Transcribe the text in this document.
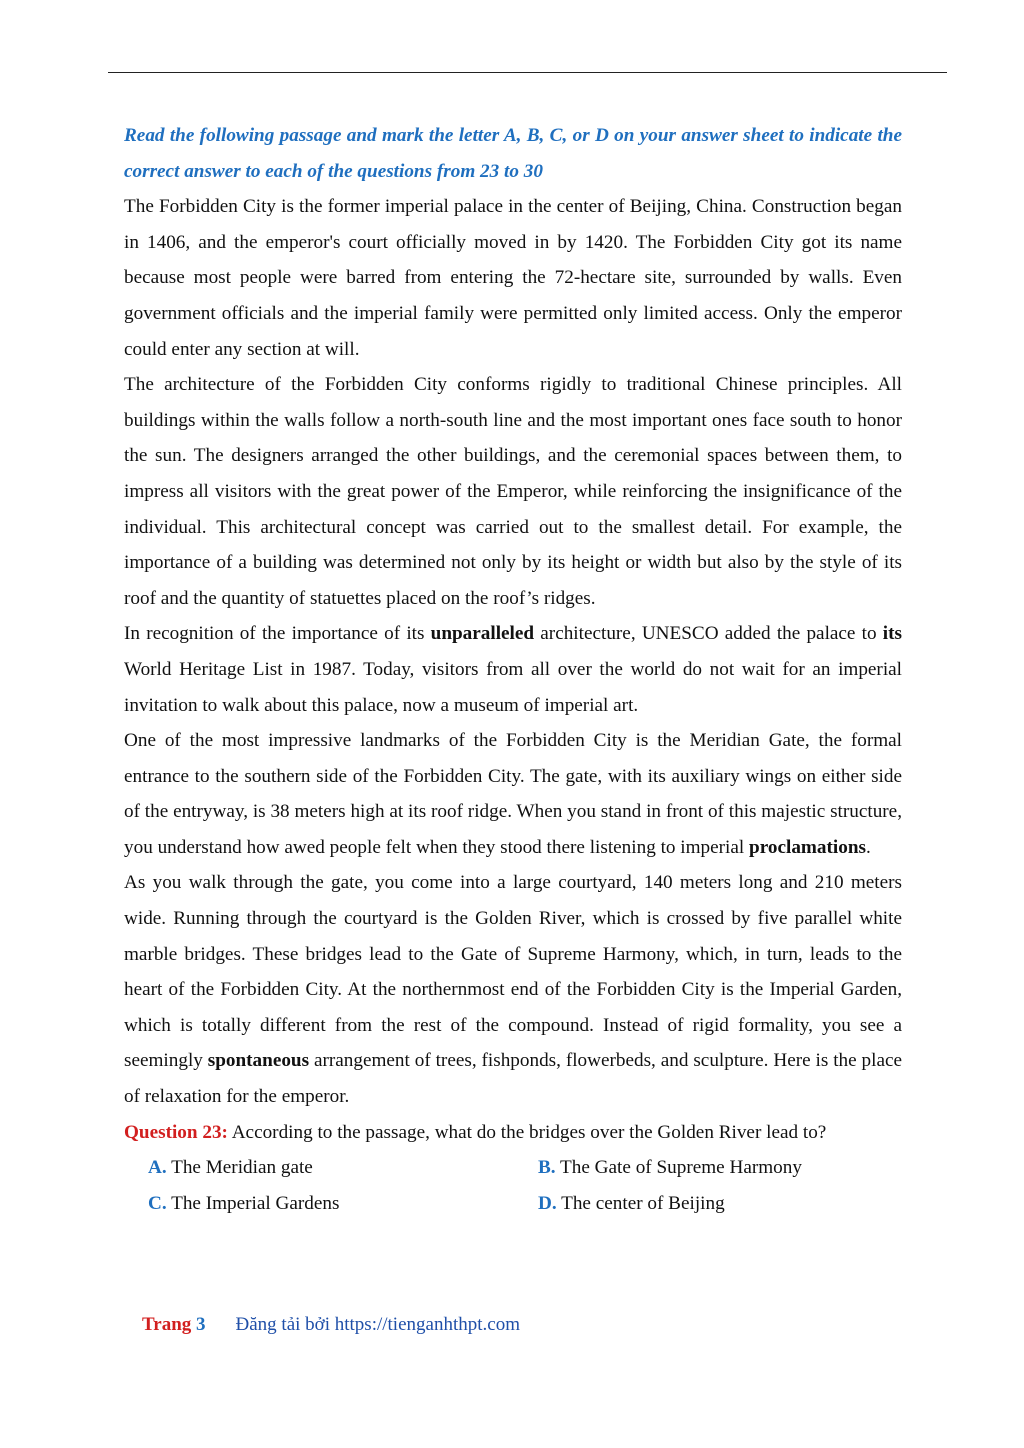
Read the following passage and mark the letter A, B, C, or D on your answer sheet to indicate the correct answer to each of the questions from 23 to 30

The Forbidden City is the former imperial palace in the center of Beijing, China. Construction began in 1406, and the emperor's court officially moved in by 1420. The Forbidden City got its name because most people were barred from entering the 72-hectare site, surrounded by walls. Even government officials and the imperial family were permitted only limited access. Only the emperor could enter any section at will.

The architecture of the Forbidden City conforms rigidly to traditional Chinese principles. All buildings within the walls follow a north-south line and the most important ones face south to honor the sun. The designers arranged the other buildings, and the ceremonial spaces between them, to impress all visitors with the great power of the Emperor, while reinforcing the insignificance of the individual. This architectural concept was carried out to the smallest detail. For example, the importance of a building was determined not only by its height or width but also by the style of its roof and the quantity of statuettes placed on the roof’s ridges.

In recognition of the importance of its unparalleled architecture, UNESCO added the palace to its World Heritage List in 1987. Today, visitors from all over the world do not wait for an imperial invitation to walk about this palace, now a museum of imperial art.

One of the most impressive landmarks of the Forbidden City is the Meridian Gate, the formal entrance to the southern side of the Forbidden City. The gate, with its auxiliary wings on either side of the entryway, is 38 meters high at its roof ridge. When you stand in front of this majestic structure, you understand how awed people felt when they stood there listening to imperial proclamations.

As you walk through the gate, you come into a large courtyard, 140 meters long and 210 meters wide. Running through the courtyard is the Golden River, which is crossed by five parallel white marble bridges. These bridges lead to the Gate of Supreme Harmony, which, in turn, leads to the heart of the Forbidden City. At the northernmost end of the Forbidden City is the Imperial Garden, which is totally different from the rest of the compound. Instead of rigid formality, you see a seemingly spontaneous arrangement of trees, fishponds, flowerbeds, and sculpture. Here is the place of relaxation for the emperor.

Question 23: According to the passage, what do the bridges over the Golden River lead to?

A. The Meridian gate	B. The Gate of Supreme Harmony
C. The Imperial Gardens	D. The center of Beijing
Trang 3 Đăng tải bởi https://tienganhthpt.com
